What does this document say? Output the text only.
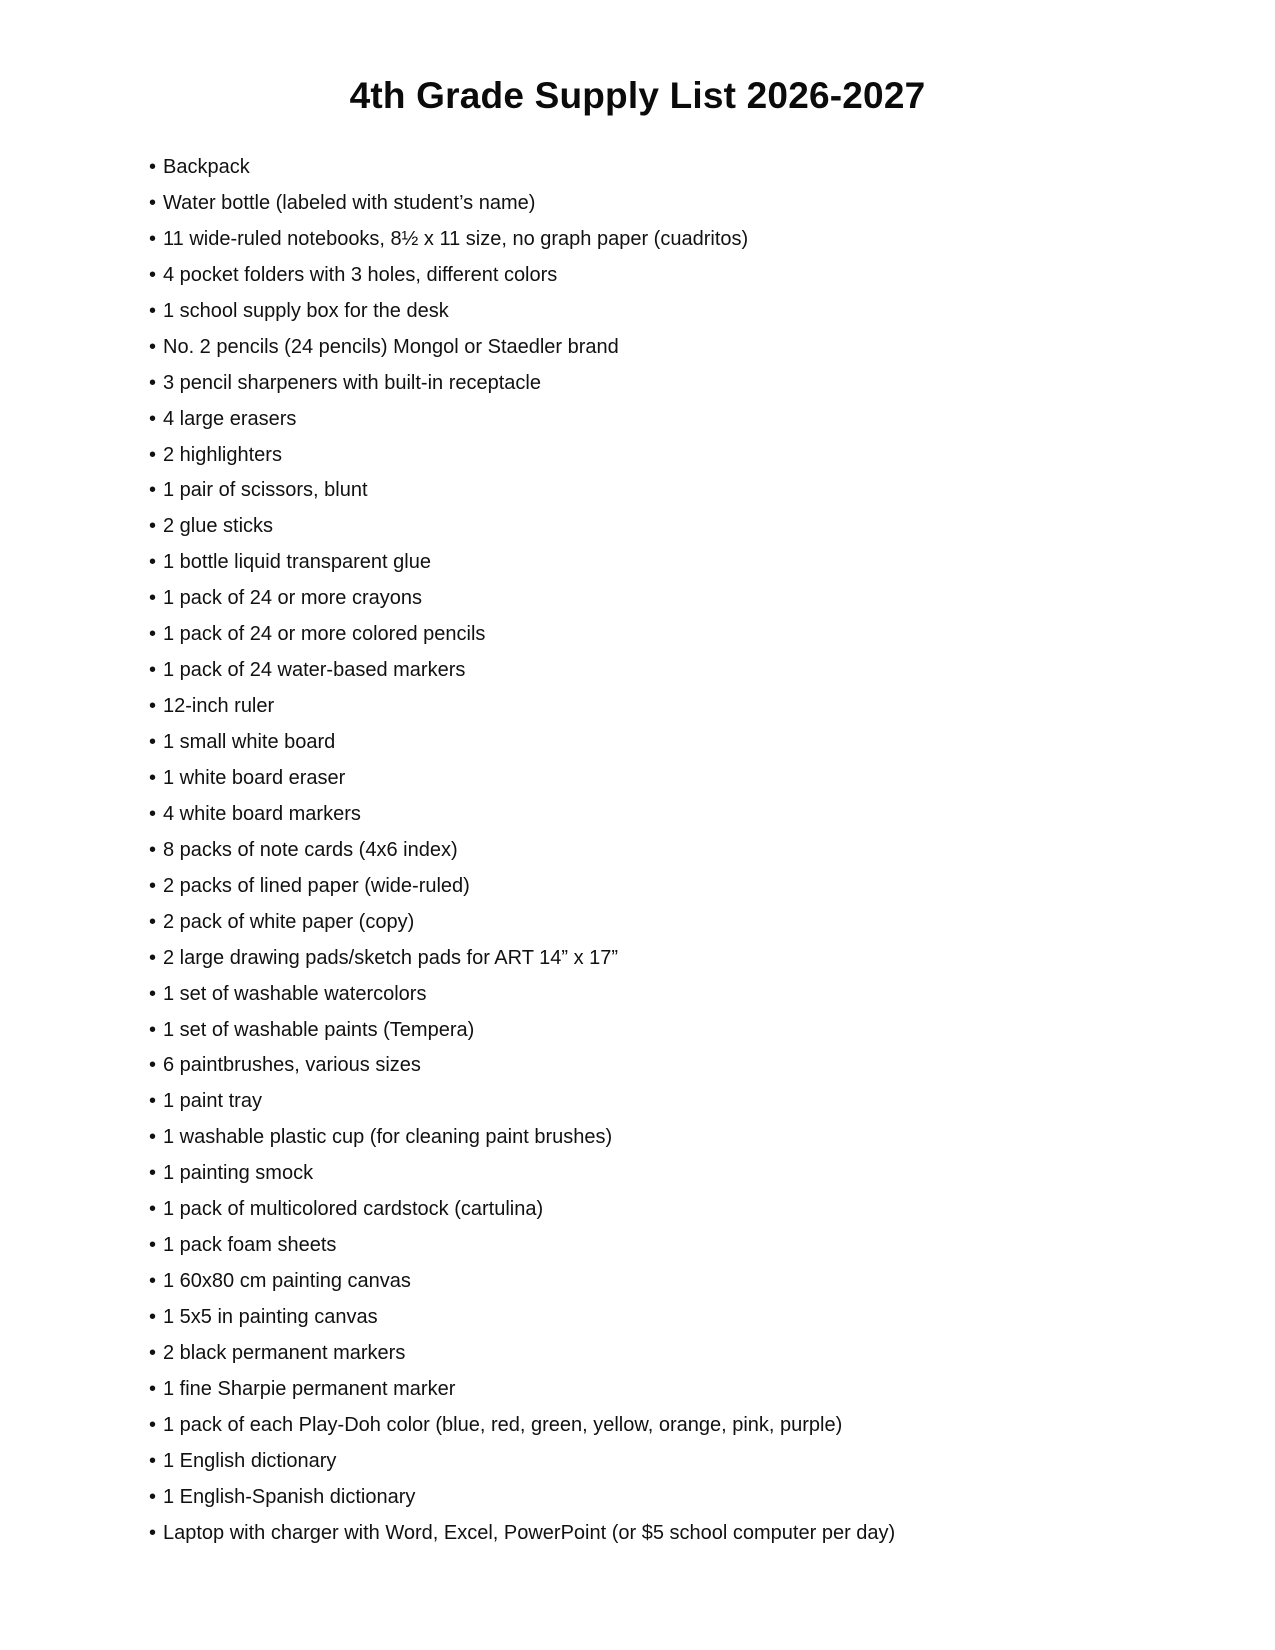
4th Grade Supply List 2026-2027
• Backpack
• Water bottle (labeled with student’s name)
• 11 wide-ruled notebooks, 8½ x 11 size, no graph paper (cuadritos)
• 4 pocket folders with 3 holes, different colors
• 1 school supply box for the desk
• No. 2 pencils (24 pencils) Mongol or Staedler brand
• 3 pencil sharpeners with built-in receptacle
• 4 large erasers
• 2 highlighters
• 1 pair of scissors, blunt
• 2 glue sticks
• 1 bottle liquid transparent glue
• 1 pack of 24 or more crayons
• 1 pack of 24 or more colored pencils
• 1 pack of 24 water-based markers
• 12-inch ruler
• 1 small white board
• 1 white board eraser
• 4 white board markers
• 8 packs of note cards (4x6 index)
• 2 packs of lined paper (wide-ruled)
• 2 pack of white paper (copy)
• 2 large drawing pads/sketch pads for ART 14” x 17”
• 1 set of washable watercolors
• 1 set of washable paints (Tempera)
• 6 paintbrushes, various sizes
• 1 paint tray
• 1 washable plastic cup (for cleaning paint brushes)
• 1 painting smock
• 1 pack of multicolored cardstock (cartulina)
• 1 pack foam sheets
• 1 60x80 cm painting canvas
• 1 5x5 in painting canvas
• 2 black permanent markers
• 1 fine Sharpie permanent marker
• 1 pack of each Play-Doh color (blue, red, green, yellow, orange, pink, purple)
• 1 English dictionary
• 1 English-Spanish dictionary
• Laptop with charger with Word, Excel, PowerPoint (or $5 school computer per day)
